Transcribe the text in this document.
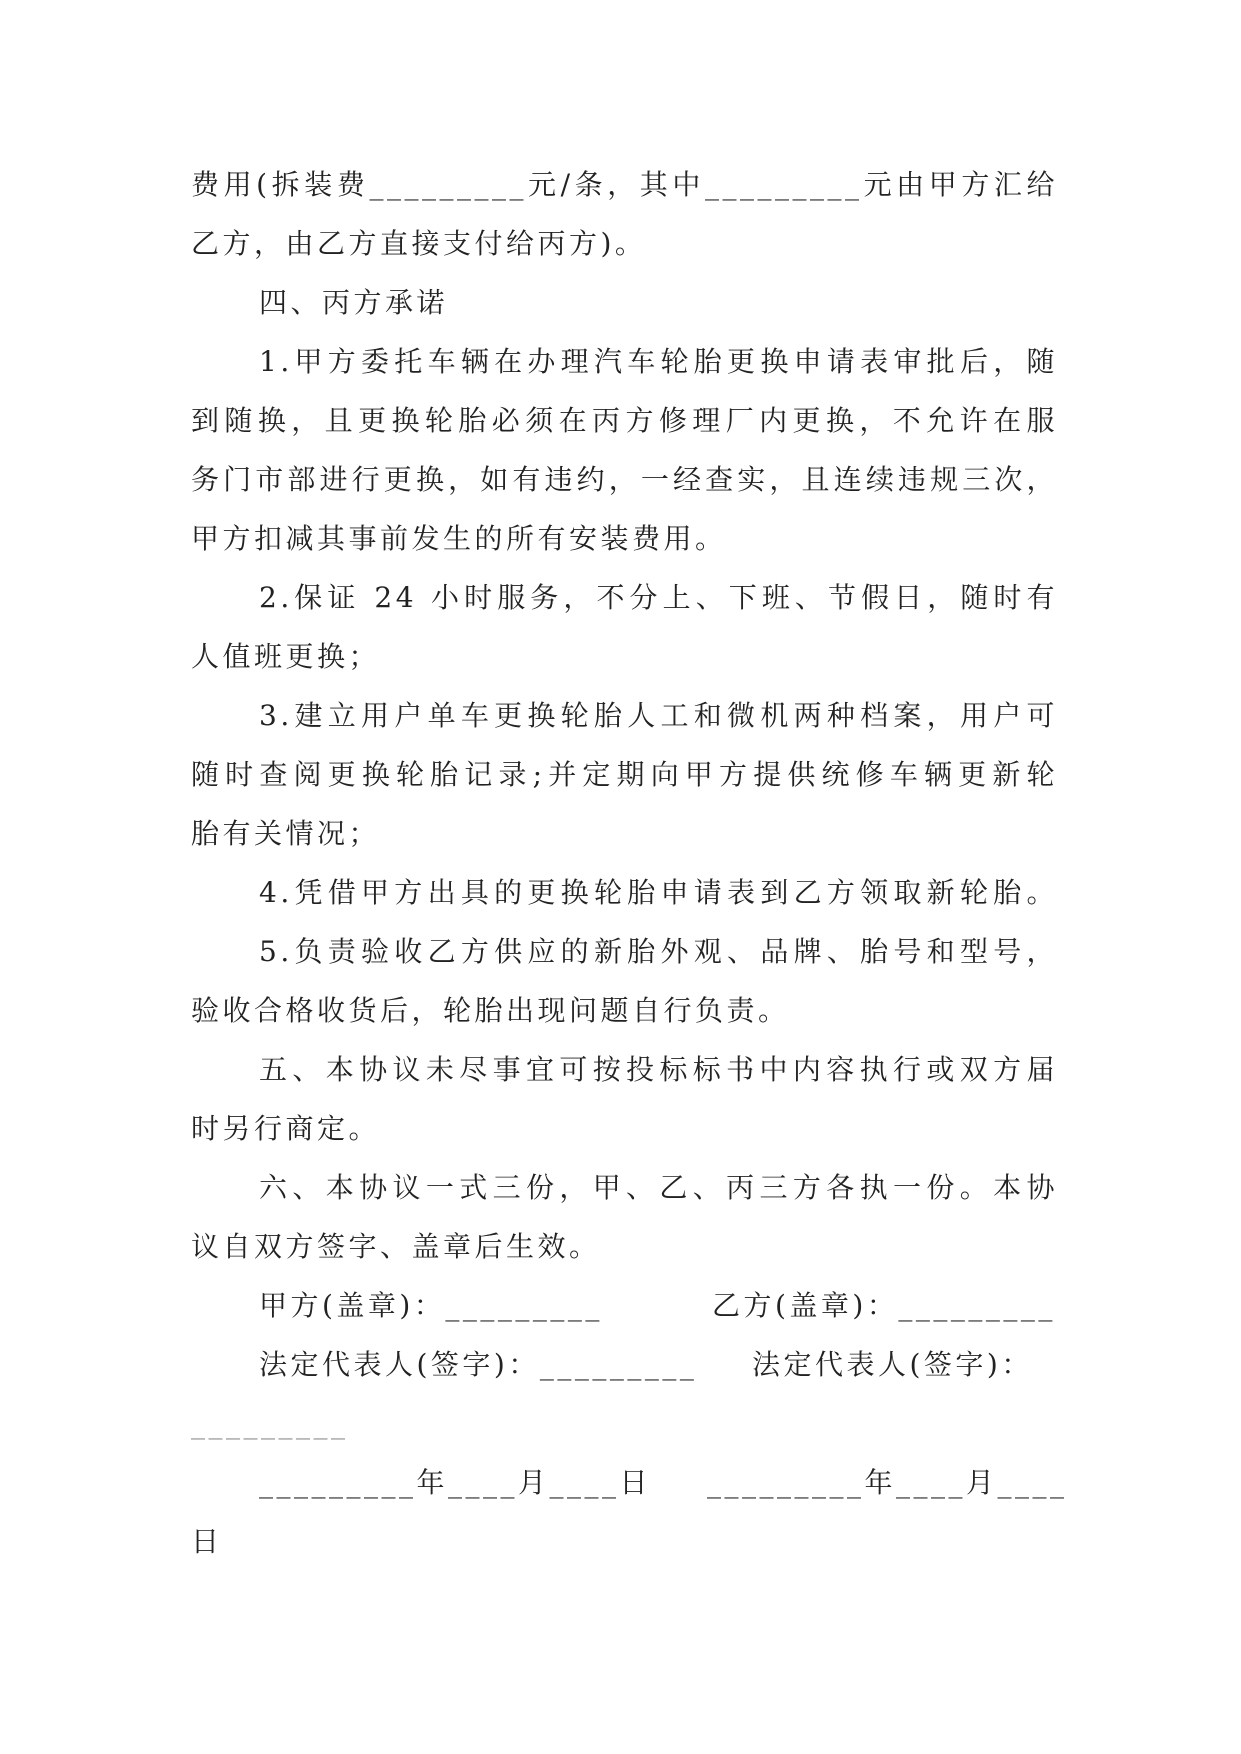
费用(拆装费_________元/条，其中_________元由甲方汇给
乙方，由乙方直接支付给丙方)。
四、丙方承诺
1.甲方委托车辆在办理汽车轮胎更换申请表审批后，随
到随换，且更换轮胎必须在丙方修理厂内更换，不允许在服
务门市部进行更换，如有违约，一经查实，且连续违规三次，
甲方扣减其事前发生的所有安装费用。
2.保证 24 小时服务，不分上、下班、节假日，随时有
人值班更换；
3.建立用户单车更换轮胎人工和微机两种档案，用户可
随时查阅更换轮胎记录;并定期向甲方提供统修车辆更新轮
胎有关情况；
4.凭借甲方出具的更换轮胎申请表到乙方领取新轮胎。
5.负责验收乙方供应的新胎外观、品牌、胎号和型号，
验收合格收货后，轮胎出现问题自行负责。
五、本协议未尽事宜可按投标标书中内容执行或双方届
时另行商定。
六、本协议一式三份，甲、乙、丙三方各执一份。本协
议自双方签字、盖章后生效。
甲方(盖章)：_________	乙方(盖章)：_________
法定代表人(签字)：_________ 法定代表人(签字)：
_________
_________年____月____日 _________年____月____
日
